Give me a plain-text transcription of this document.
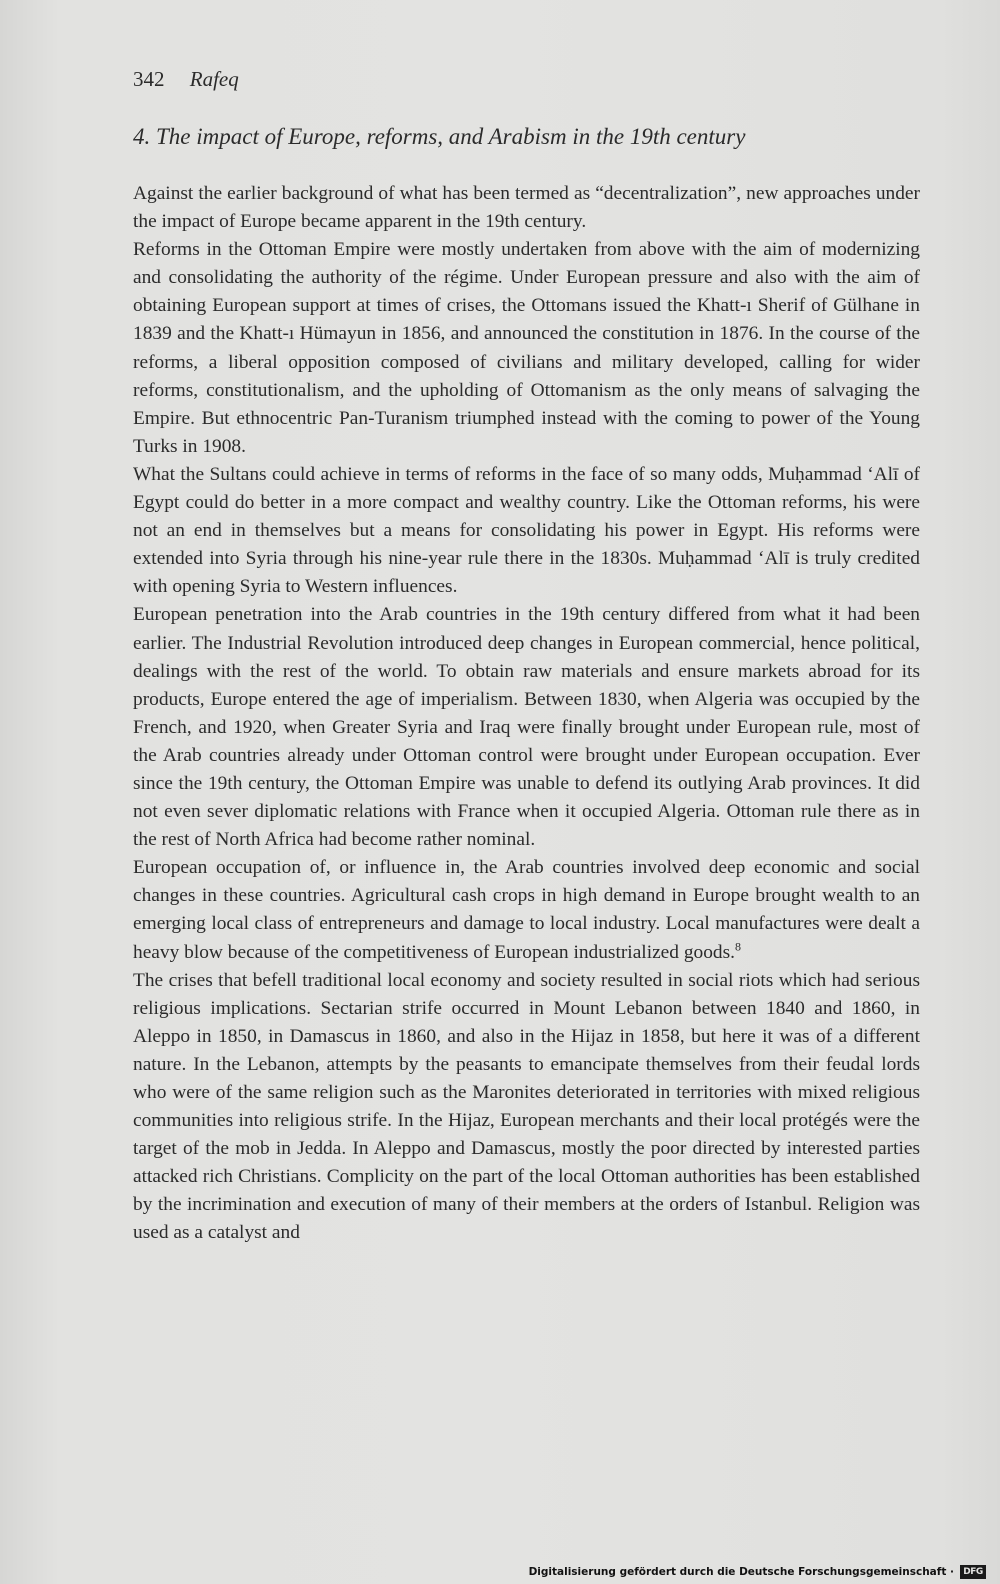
342 Rafeq
4. The impact of Europe, reforms, and Arabism in the 19th century

Against the earlier background of what has been termed as “decentralization”, new approaches under the impact of Europe became apparent in the 19th century.

Reforms in the Ottoman Empire were mostly undertaken from above with the aim of modernizing and consolidating the authority of the régime. Under European pressure and also with the aim of obtaining European support at times of crises, the Ottomans issued the Khatt-ı Sherif of Gülhane in 1839 and the Khatt-ı Hümayun in 1856, and announced the constitution in 1876. In the course of the reforms, a liberal opposition composed of civilians and military developed, calling for wider reforms, constitutionalism, and the upholding of Ottomanism as the only means of salvaging the Empire. But ethnocentric Pan-Turanism triumphed instead with the coming to power of the Young Turks in 1908.

What the Sultans could achieve in terms of reforms in the face of so many odds, Muḥammad ‘Alī of Egypt could do better in a more compact and wealthy country. Like the Ottoman reforms, his were not an end in themselves but a means for consolidating his power in Egypt. His reforms were extended into Syria through his nine-year rule there in the 1830s. Muḥammad ‘Alī is truly credited with opening Syria to Western influences.

European penetration into the Arab countries in the 19th century differed from what it had been earlier. The Industrial Revolution introduced deep changes in European commercial, hence political, dealings with the rest of the world. To obtain raw materials and ensure markets abroad for its products, Europe entered the age of imperialism. Between 1830, when Algeria was occupied by the French, and 1920, when Greater Syria and Iraq were finally brought under European rule, most of the Arab countries already under Ottoman control were brought under European occupation. Ever since the 19th century, the Ottoman Empire was unable to defend its outlying Arab provinces. It did not even sever diplomatic relations with France when it occupied Algeria. Ottoman rule there as in the rest of North Africa had become rather nominal.

European occupation of, or influence in, the Arab countries involved deep economic and social changes in these countries. Agricultural cash crops in high demand in Europe brought wealth to an emerging local class of entrepreneurs and damage to local industry. Local manufactures were dealt a heavy blow because of the competitiveness of European industrialized goods.$^8$

The crises that befell traditional local economy and society resulted in social riots which had serious religious implications. Sectarian strife occurred in Mount Lebanon between 1840 and 1860, in Aleppo in 1850, in Damascus in 1860, and also in the Hijaz in 1858, but here it was of a different nature. In the Lebanon, attempts by the peasants to emancipate themselves from their feudal lords who were of the same religion such as the Maronites deteriorated in territories with mixed religious communities into religious strife. In the Hijaz, European merchants and their local protégés were the target of the mob in Jedda. In Aleppo and Damascus, mostly the poor directed by interested parties attacked rich Christians. Complicity on the part of the local Ottoman authorities has been established by the incrimination and execution of many of their members at the orders of Istanbul. Religion was used as a catalyst and

Digitalisierung gefördert durch die Deutsche Forschungsgemeinschaft ·	DFG
